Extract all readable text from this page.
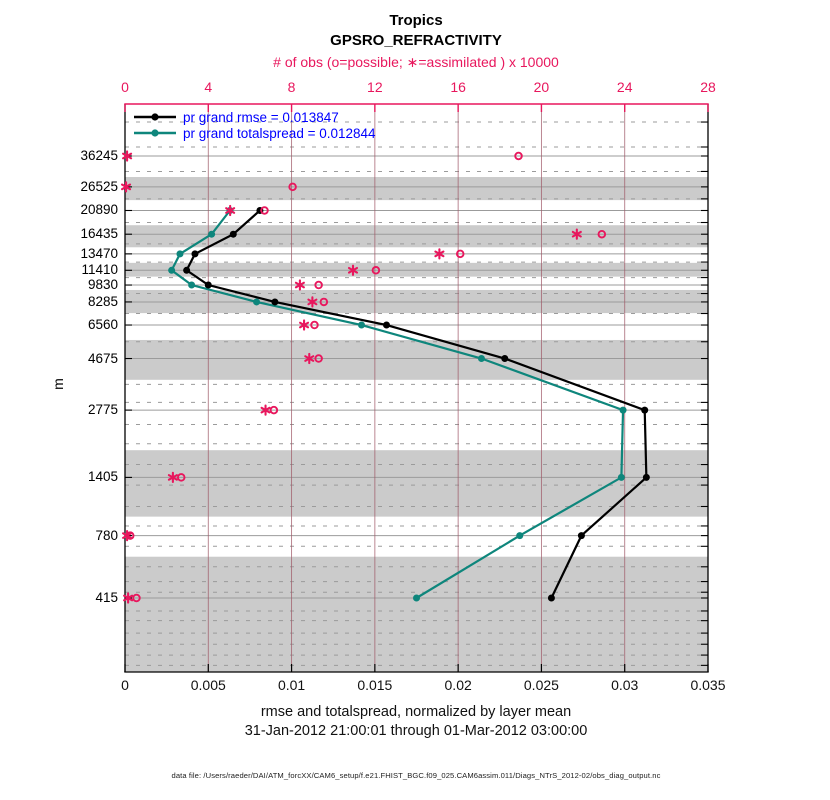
Tropics
GPSRO_REFRACTIVITY
# of obs (o=possible; ∗=assimilated ) x 10000
0	4	8	12	16	20	24	28
0	0.005	0.01	0.015	0.02	0.025	0.03	0.035
36245
26525
20890
16435
13470
11410
9830
8285
6560
4675
2775
1405
780
415
m
pr grand rmse = 0.013847
pr grand totalspread = 0.012844
rmse and totalspread, normalized by layer mean
31-Jan-2012 21:00:01 through 01-Mar-2012 03:00:00
data file: /Users/raeder/DAI/ATM_forcXX/CAM6_setup/f.e21.FHIST_BGC.f09_025.CAM6assim.011/Diags_NTrS_2012-02/obs_diag_output.nc
